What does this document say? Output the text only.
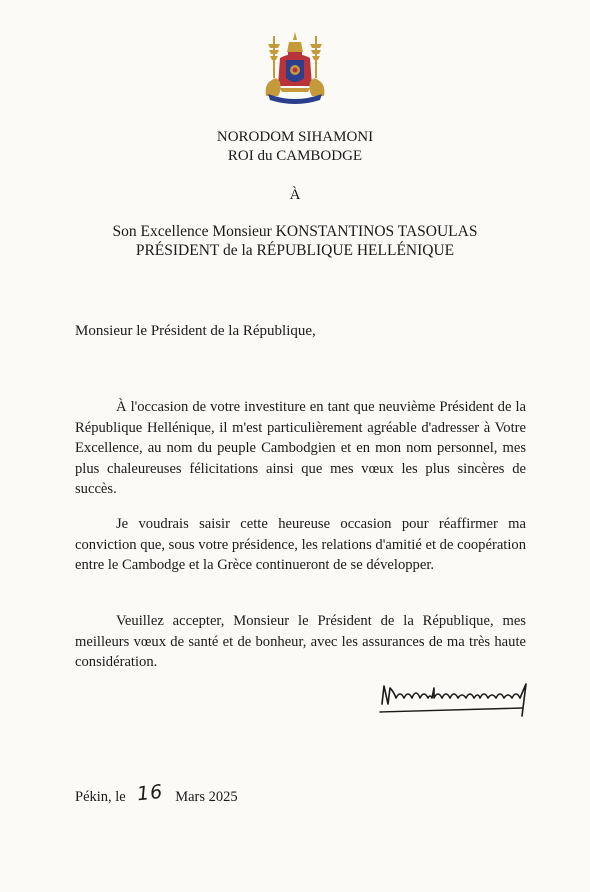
NORODOM SIHAMONI
ROI du CAMBODGE
À
Son Excellence Monsieur KONSTANTINOS TASOULAS
PRÉSIDENT de la RÉPUBLIQUE HELLÉNIQUE
Monsieur le Président de la République,

À l'occasion de votre investiture en tant que neuvième Président de la République Hellénique, il m'est particulièrement agréable d'adresser à Votre Excellence, au nom du peuple Cambodgien et en mon nom personnel, mes plus chaleureuses félicitations ainsi que mes vœux les plus sincères de succès.

Je voudrais saisir cette heureuse occasion pour réaffirmer ma conviction que, sous votre présidence, les relations d'amitié et de coopération entre le Cambodge et la Grèce continueront de se développer.

Veuillez accepter, Monsieur le Président de la République, mes meilleurs vœux de santé et de bonheur, avec les assurances de ma très haute considération.

Pékin, le 16 Mars 2025
